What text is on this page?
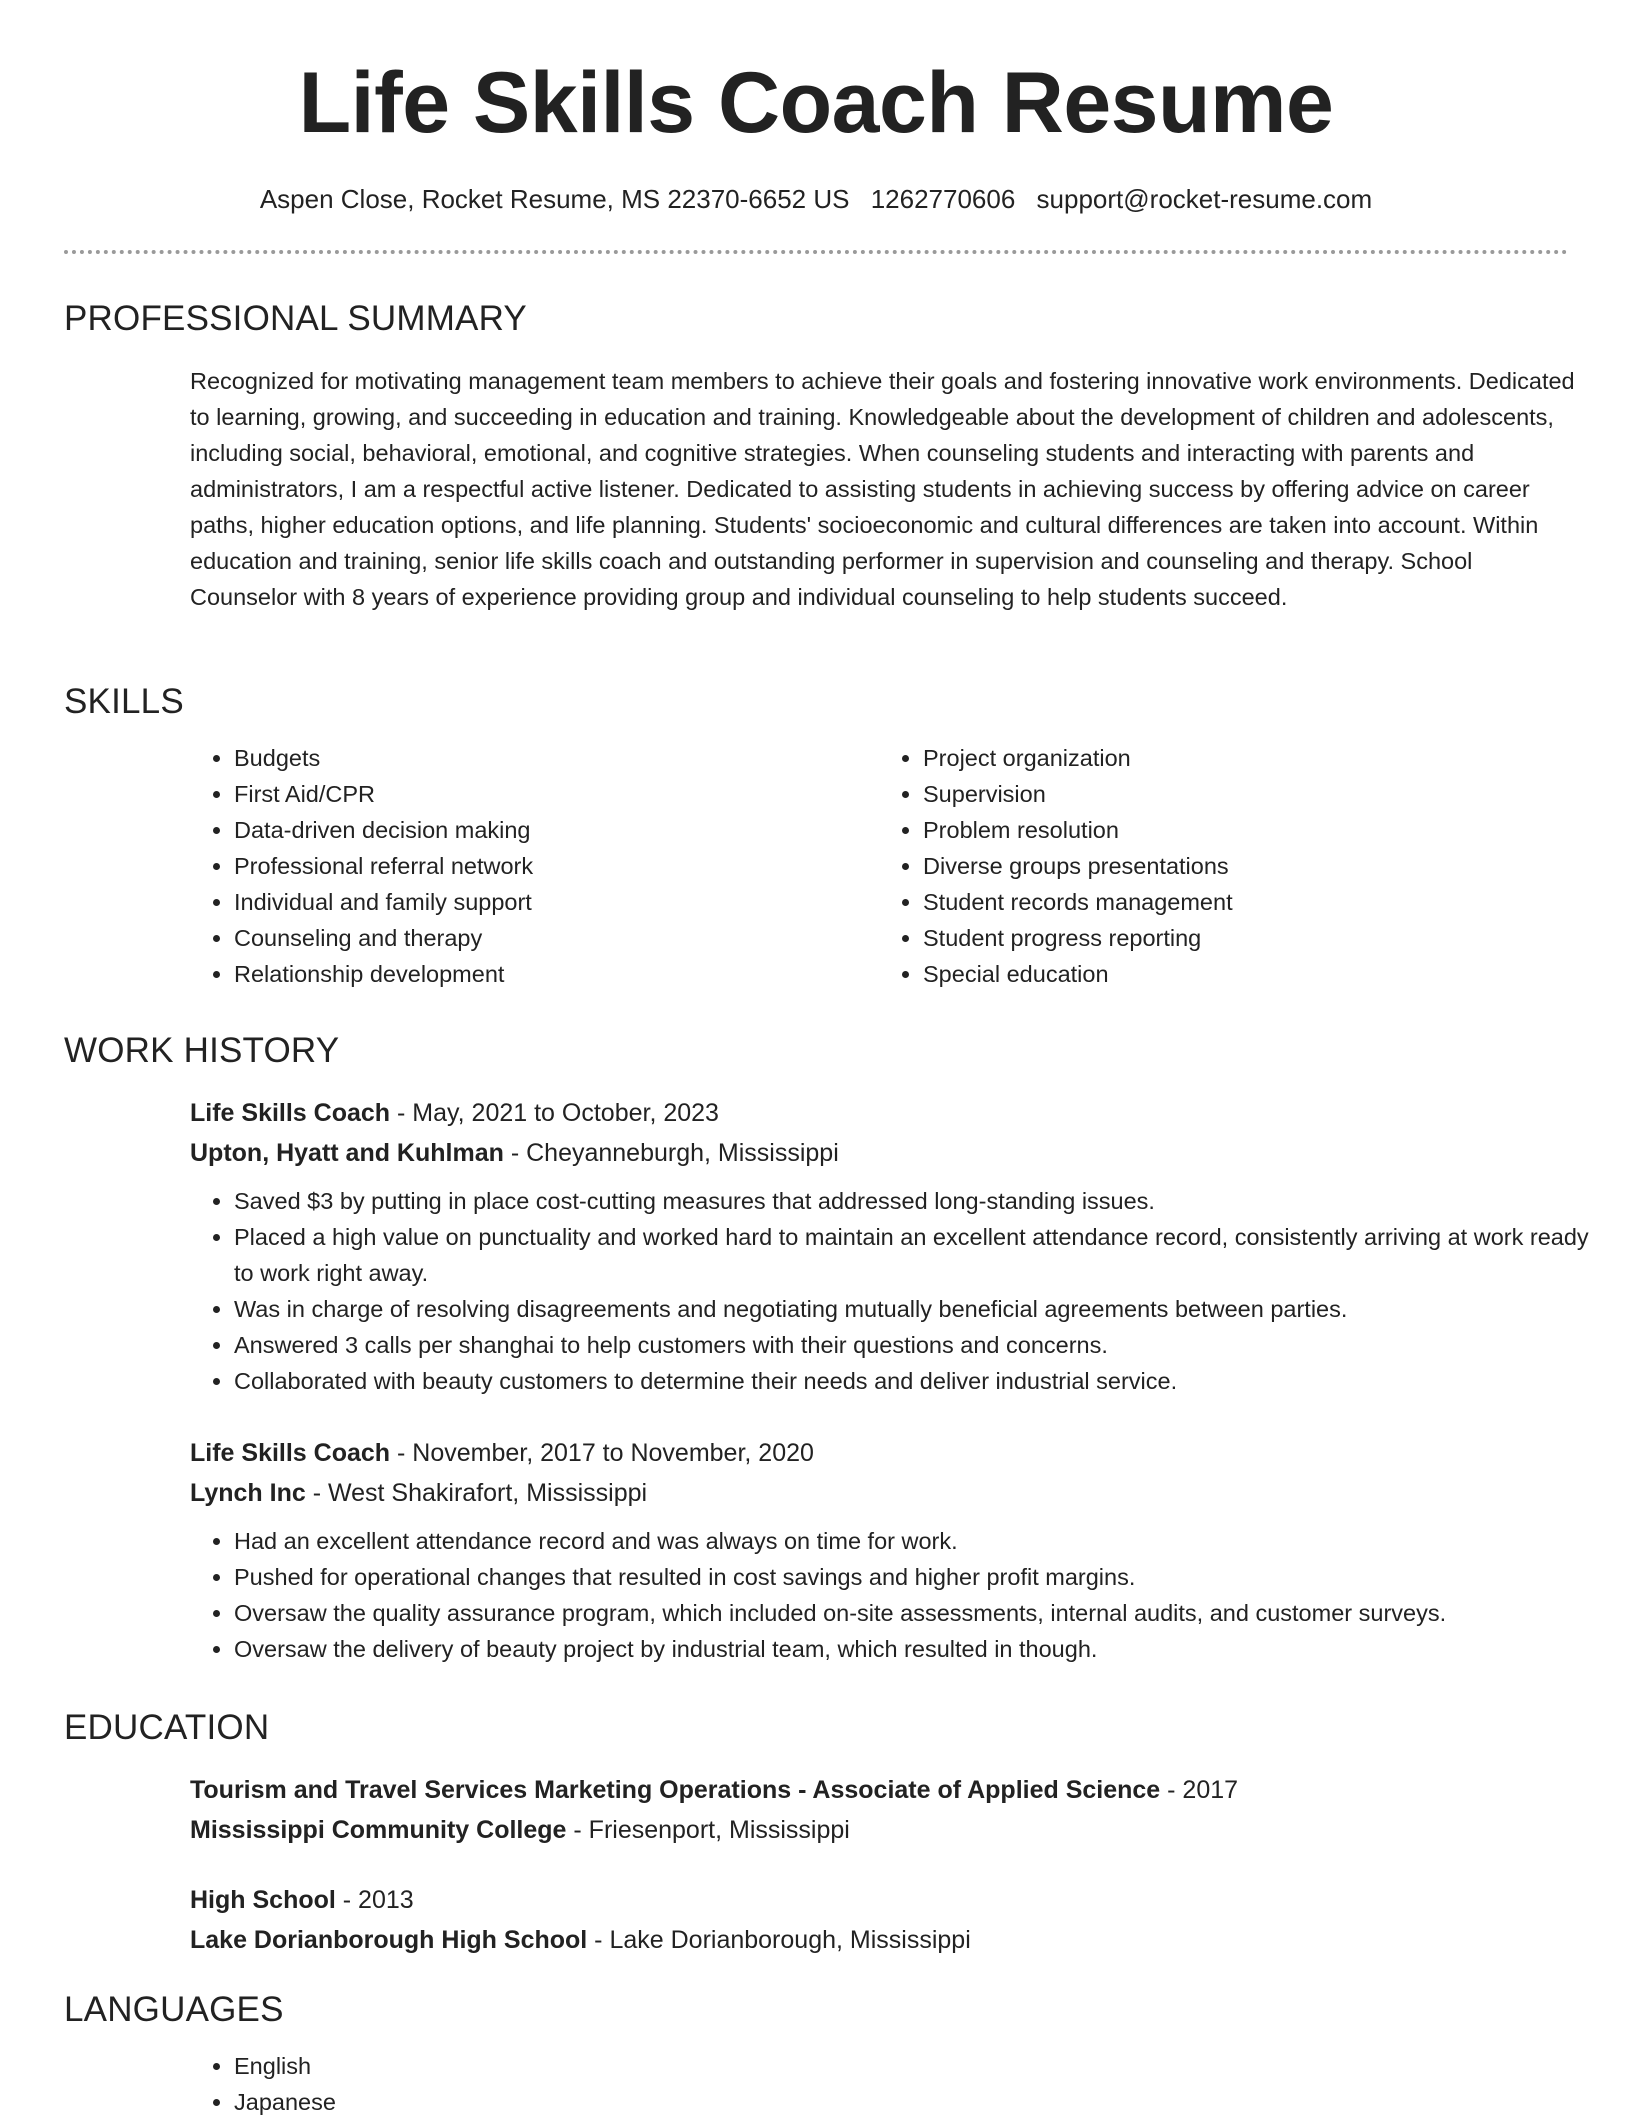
Life Skills Coach Resume
Aspen Close, Rocket Resume, MS 22370-6652 US 1262770606 support@rocket-resume.com
PROFESSIONAL SUMMARY
Recognized for motivating management team members to achieve their goals and fostering innovative work environments. Dedicated to learning, growing, and succeeding in education and training. Knowledgeable about the development of children and adolescents, including social, behavioral, emotional, and cognitive strategies. When counseling students and interacting with parents and administrators, I am a respectful active listener. Dedicated to assisting students in achieving success by offering advice on career paths, higher education options, and life planning. Students' socioeconomic and cultural differences are taken into account. Within education and training, senior life skills coach and outstanding performer in supervision and counseling and therapy. School Counselor with 8 years of experience providing group and individual counseling to help students succeed.
SKILLS
• Budgets
• First Aid/CPR
• Data-driven decision making
• Professional referral network
• Individual and family support
• Counseling and therapy
• Relationship development
• Project organization
• Supervision
• Problem resolution
• Diverse groups presentations
• Student records management
• Student progress reporting
• Special education
WORK HISTORY
Life Skills Coach - May, 2021 to October, 2023
Upton, Hyatt and Kuhlman - Cheyanneburgh, Mississippi
• Saved $3 by putting in place cost-cutting measures that addressed long-standing issues.
• Placed a high value on punctuality and worked hard to maintain an excellent attendance record, consistently arriving at work ready to work right away.
• Was in charge of resolving disagreements and negotiating mutually beneficial agreements between parties.
• Answered 3 calls per shanghai to help customers with their questions and concerns.
• Collaborated with beauty customers to determine their needs and deliver industrial service.
Life Skills Coach - November, 2017 to November, 2020
Lynch Inc - West Shakirafort, Mississippi
• Had an excellent attendance record and was always on time for work.
• Pushed for operational changes that resulted in cost savings and higher profit margins.
• Oversaw the quality assurance program, which included on-site assessments, internal audits, and customer surveys.
• Oversaw the delivery of beauty project by industrial team, which resulted in though.
EDUCATION
Tourism and Travel Services Marketing Operations - Associate of Applied Science - 2017
Mississippi Community College - Friesenport, Mississippi
High School - 2013
Lake Dorianborough High School - Lake Dorianborough, Mississippi
LANGUAGES
• English
• Japanese
